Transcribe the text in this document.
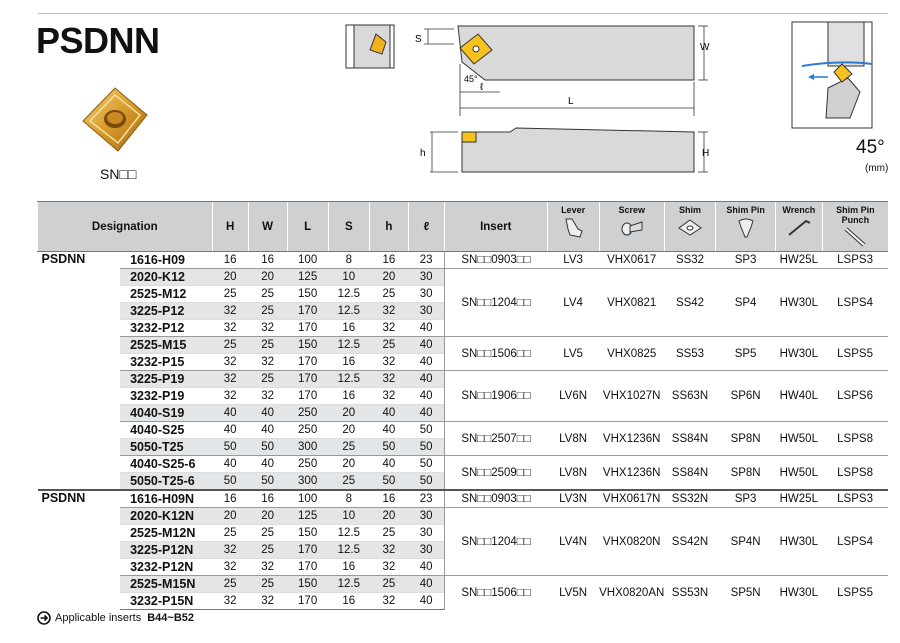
PSDNN
SN□□
S
W
45°
ℓ
L
h	H	45°
(mm)
Designation		H	W	L	S	h	ℓ	Insert	Lever	Screw	Shim	Shim Pin	Wrench	Shim Pin Punch

PSDNN	1616-H09	16	16	100	8	16	23	SN□□0903□□	LV3	VHX0617	SS32	SP3	HW25L	LSPS3
	2020-K12	20	20	125	10	20	30	SN□□1204□□	LV4	VHX0821	SS42	SP4	HW30L	LSPS4
	2525-M12	25	25	150	12.5	25	30							
	3225-P12	32	25	170	12.5	32	30							
	3232-P12	32	32	170	16	32	40							
	2525-M15	25	25	150	12.5	25	40	SN□□1506□□	LV5	VHX0825	SS53	SP5	HW30L	LSPS5
	3232-P15	32	32	170	16	32	40							
	3225-P19	32	25	170	12.5	32	40	SN□□1906□□	LV6N	VHX1027N	SS63N	SP6N	HW40L	LSPS6
	3232-P19	32	32	170	16	32	40							
	4040-S19	40	40	250	20	40	40							
	4040-S25	40	40	250	20	40	50	SN□□2507□□	LV8N	VHX1236N	SS84N	SP8N	HW50L	LSPS8
	5050-T25	50	50	300	25	50	50							
	4040-S25-6	40	40	250	20	40	50	SN□□2509□□	LV8N	VHX1236N	SS84N	SP8N	HW50L	LSPS8
	5050-T25-6	50	50	300	25	50	50							
PSDNN	1616-H09N	16	16	100	8	16	23	SN□□0903□□	LV3N	VHX0617N	SS32N	SP3	HW25L	LSPS3
	2020-K12N	20	20	125	10	20	30	SN□□1204□□	LV4N	VHX0820N	SS42N	SP4N	HW30L	LSPS4
	2525-M12N	25	25	150	12.5	25	30							
	3225-P12N	32	25	170	12.5	32	30							
	3232-P12N	32	32	170	16	32	40							
	2525-M15N	25	25	150	12.5	25	40	SN□□1506□□	LV5N	VHX0820AN	SS53N	SP5N	HW30L	LSPS5
	3232-P15N	32	32	170	16	32	40							
Applicable inserts B44~B52
